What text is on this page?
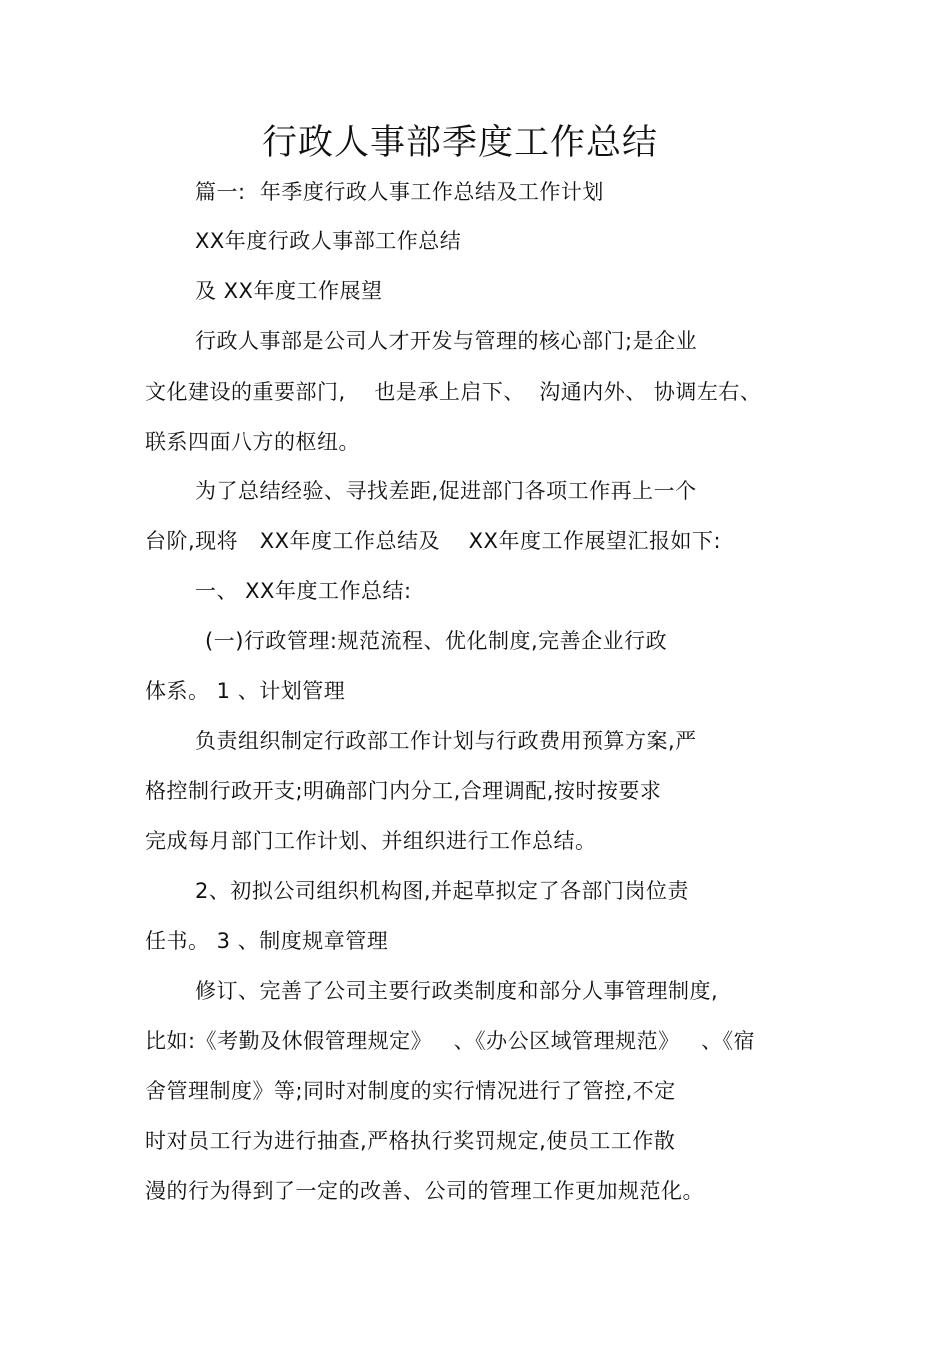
行政人事部季度工作总结
篇一:  年季度行政人事工作总结及工作计划
XX年度行政人事部工作总结
及 XX年度工作展望
行政人事部是公司人才开发与管理的核心部门;是企业
文化建设的重要部门,    也是承上启下、  沟通内外、 协调左右、
联系四面八方的枢纽。
为了总结经验、寻找差距,促进部门各项工作再上一个
台阶,现将   XX年度工作总结及    XX年度工作展望汇报如下:
一、 XX年度工作总结:
(一)行政管理:规范流程、优化制度,完善企业行政
体系。 1 、计划管理
负责组织制定行政部工作计划与行政费用预算方案,严
格控制行政开支;明确部门内分工,合理调配,按时按要求
完成每月部门工作计划、并组织进行工作总结。
2、初拟公司组织机构图,并起草拟定了各部门岗位责
任书。 3 、制度规章管理
修订、完善了公司主要行政类制度和部分人事管理制度,
比如:《考勤及休假管理规定》   、《办公区域管理规范》   、《宿
舍管理制度》等;同时对制度的实行情况进行了管控,不定
时对员工行为进行抽查,严格执行奖罚规定,使员工工作散
漫的行为得到了一定的改善、公司的管理工作更加规范化。
